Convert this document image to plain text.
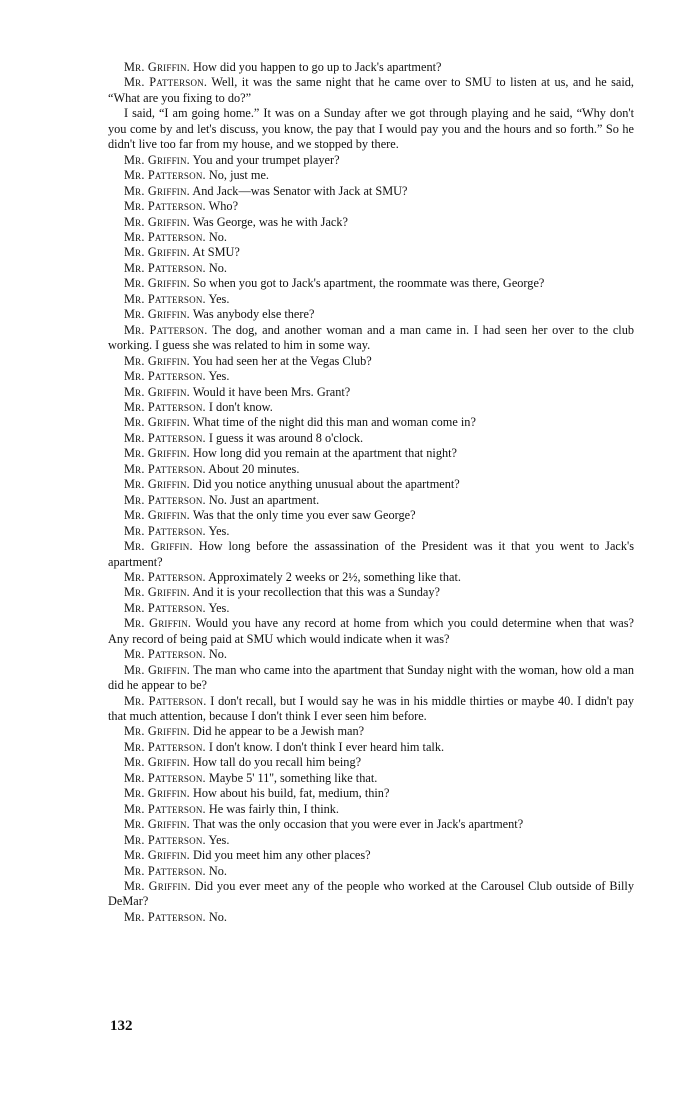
Mr. Griffin. How did you happen to go up to Jack's apartment?

Mr. Patterson. Well, it was the same night that he came over to SMU to listen at us, and he said, “What are you fixing to do?”

I said, “I am going home.” It was on a Sunday after we got through playing and he said, “Why don't you come by and let's discuss, you know, the pay that I would pay you and the hours and so forth.” So he didn't live too far from my house, and we stopped by there.

Mr. Griffin. You and your trumpet player?

Mr. Patterson. No, just me.

Mr. Griffin. And Jack—was Senator with Jack at SMU?

Mr. Patterson. Who?

Mr. Griffin. Was George, was he with Jack?

Mr. Patterson. No.

Mr. Griffin. At SMU?

Mr. Patterson. No.

Mr. Griffin. So when you got to Jack's apartment, the roommate was there, George?

Mr. Patterson. Yes.

Mr. Griffin. Was anybody else there?

Mr. Patterson. The dog, and another woman and a man came in. I had seen her over to the club working. I guess she was related to him in some way.

Mr. Griffin. You had seen her at the Vegas Club?

Mr. Patterson. Yes.

Mr. Griffin. Would it have been Mrs. Grant?

Mr. Patterson. I don't know.

Mr. Griffin. What time of the night did this man and woman come in?

Mr. Patterson. I guess it was around 8 o'clock.

Mr. Griffin. How long did you remain at the apartment that night?

Mr. Patterson. About 20 minutes.

Mr. Griffin. Did you notice anything unusual about the apartment?

Mr. Patterson. No. Just an apartment.

Mr. Griffin. Was that the only time you ever saw George?

Mr. Patterson. Yes.

Mr. Griffin. How long before the assassination of the President was it that you went to Jack's apartment?

Mr. Patterson. Approximately 2 weeks or 2½, something like that.

Mr. Griffin. And it is your recollection that this was a Sunday?

Mr. Patterson. Yes.

Mr. Griffin. Would you have any record at home from which you could determine when that was? Any record of being paid at SMU which would indicate when it was?

Mr. Patterson. No.

Mr. Griffin. The man who came into the apartment that Sunday night with the woman, how old a man did he appear to be?

Mr. Patterson. I don't recall, but I would say he was in his middle thirties or maybe 40. I didn't pay that much attention, because I don't think I ever seen him before.

Mr. Griffin. Did he appear to be a Jewish man?

Mr. Patterson. I don't know. I don't think I ever heard him talk.

Mr. Griffin. How tall do you recall him being?

Mr. Patterson. Maybe 5' 11'', something like that.

Mr. Griffin. How about his build, fat, medium, thin?

Mr. Patterson. He was fairly thin, I think.

Mr. Griffin. That was the only occasion that you were ever in Jack's apartment?

Mr. Patterson. Yes.

Mr. Griffin. Did you meet him any other places?

Mr. Patterson. No.

Mr. Griffin. Did you ever meet any of the people who worked at the Carousel Club outside of Billy DeMar?

Mr. Patterson. No.

132
